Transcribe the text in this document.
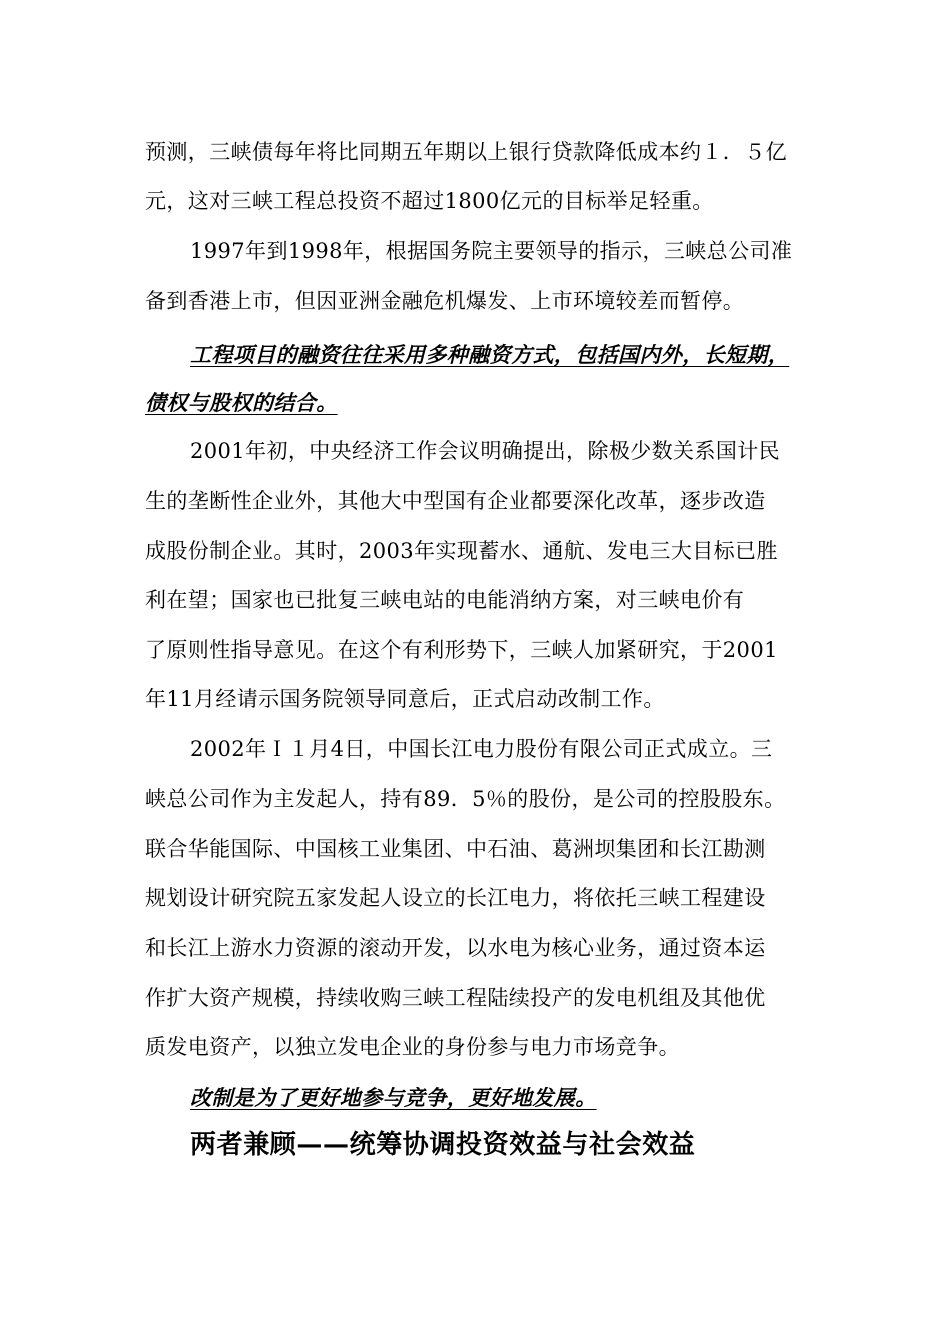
预测，三峡债每年将比同期五年期以上银行贷款降低成本约１．５亿
元，这对三峡工程总投资不超过1800亿元的目标举足轻重。
1997年到1998年，根据国务院主要领导的指示，三峡总公司准
备到香港上市，但因亚洲金融危机爆发、上市环境较差而暂停。
工程项目的融资往往采用多种融资方式，包括国内外，长短期，
债权与股权的结合。
2001年初，中央经济工作会议明确提出，除极少数关系国计民
生的垄断性企业外，其他大中型国有企业都要深化改革，逐步改造
成股份制企业。其时，2003年实现蓄水、通航、发电三大目标已胜
利在望；国家也已批复三峡电站的电能消纳方案，对三峡电价有
了原则性指导意见。在这个有利形势下，三峡人加紧研究，于2001
年11月经请示国务院领导同意后，正式启动改制工作。
2002年Ｉ１月4日，中国长江电力股份有限公司正式成立。三
峡总公司作为主发起人，持有89．5％的股份，是公司的控股股东。
联合华能国际、中国核工业集团、中石油、葛洲坝集团和长江勘测
规划设计研究院五家发起人设立的长江电力，将依托三峡工程建设
和长江上游水力资源的滚动开发，以水电为核心业务，通过资本运
作扩大资产规模，持续收购三峡工程陆续投产的发电机组及其他优
质发电资产，以独立发电企业的身份参与电力市场竞争。
改制是为了更好地参与竞争，更好地发展。
两者兼顾——统筹协调投资效益与社会效益
